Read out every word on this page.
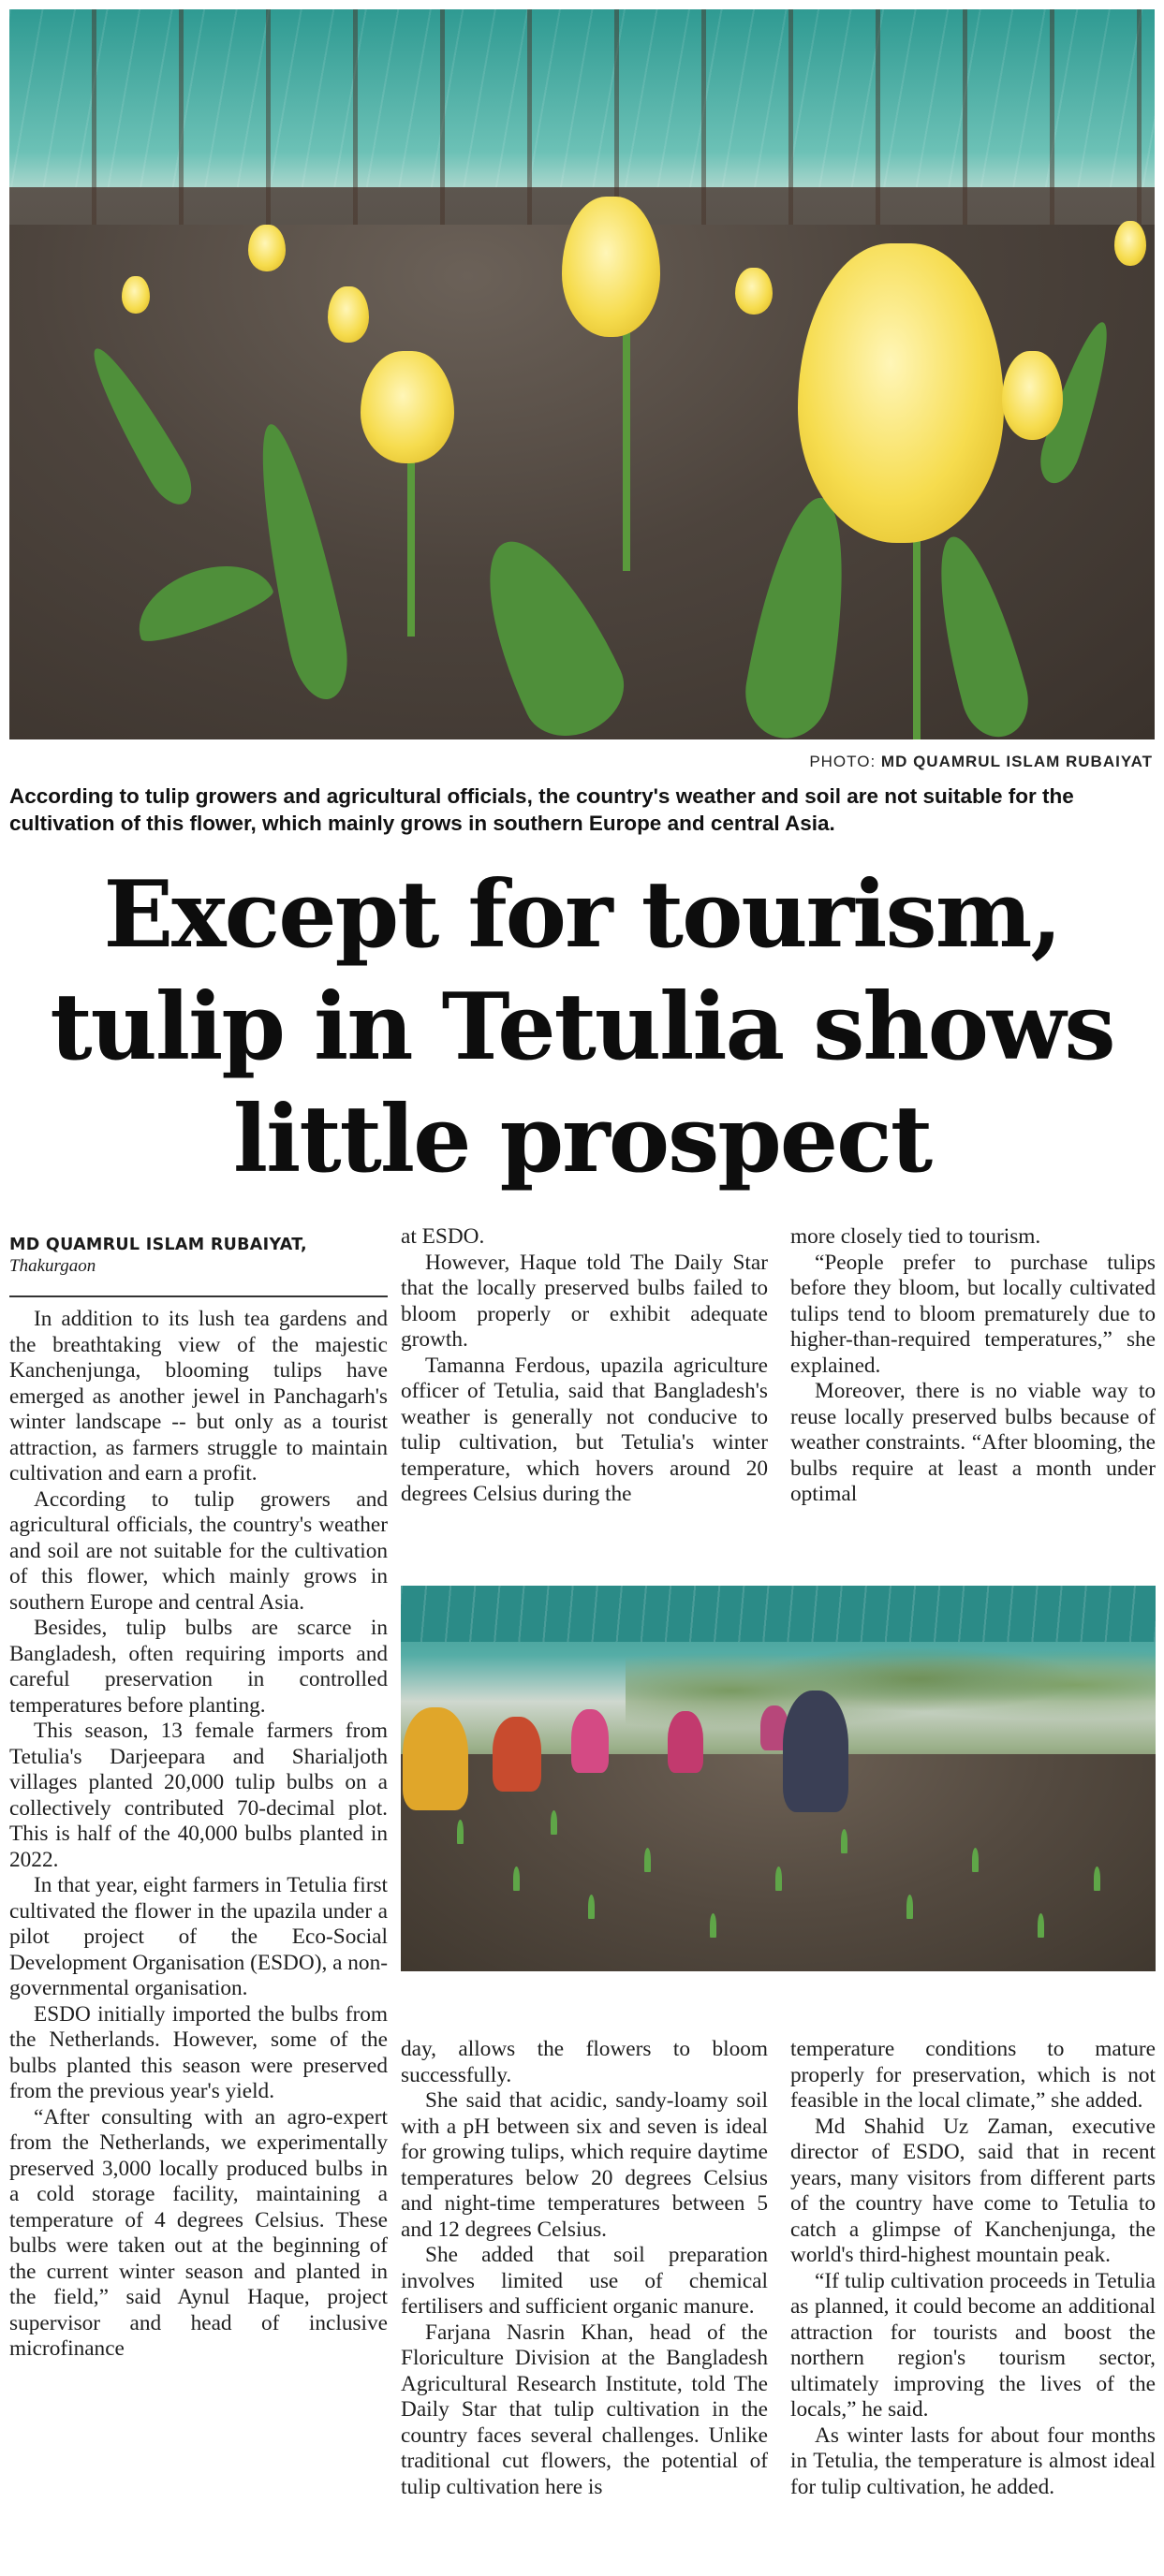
PHOTO: MD QUAMRUL ISLAM RUBAIYAT
According to tulip growers and agricultural officials, the country's weather and soil are not suitable for the cultivation of this flower, which mainly grows in southern Europe and central Asia.
Except for tourism, tulip in Tetulia shows little prospect
MD QUAMRUL ISLAM RUBAIYAT,
Thakurgaon

In addition to its lush tea gardens and the breathtaking view of the majestic Kanchenjunga, blooming tulips have emerged as another jewel in Panchagarh's winter landscape -- but only as a tourist attraction, as farmers struggle to maintain cultivation and earn a profit.

According to tulip growers and agricultural officials, the country's weather and soil are not suitable for the cultivation of this flower, which mainly grows in southern Europe and central Asia.

Besides, tulip bulbs are scarce in Bangladesh, often requiring imports and careful preservation in controlled temperatures before planting.

This season, 13 female farmers from Tetulia's Darjeepara and Sharialjoth villages planted 20,000 tulip bulbs on a collectively contributed 70-decimal plot. This is half of the 40,000 bulbs planted in 2022.

In that year, eight farmers in Tetulia first cultivated the flower in the upazila under a pilot project of the Eco-Social Development Organisation (ESDO), a non-governmental organisation.

ESDO initially imported the bulbs from the Netherlands. However, some of the bulbs planted this season were preserved from the previous year's yield.

“After consulting with an agro-expert from the Netherlands, we experimentally preserved 3,000 locally produced bulbs in a cold storage facility, maintaining a temperature of 4 degrees Celsius. These bulbs were taken out at the beginning of the current winter season and planted in the field,” said Aynul Haque, project supervisor and head of inclusive microfinance

at ESDO.

However, Haque told The Daily Star that the locally preserved bulbs failed to bloom properly or exhibit adequate growth.

Tamanna Ferdous, upazila agriculture officer of Tetulia, said that Bangladesh's weather is generally not conducive to tulip cultivation, but Tetulia's winter temperature, which hovers around 20 degrees Celsius during the

more closely tied to tourism.

“People prefer to purchase tulips before they bloom, but locally cultivated tulips tend to bloom prematurely due to higher-than-required temperatures,” she explained.

Moreover, there is no viable way to reuse locally preserved bulbs because of weather constraints. “After blooming, the bulbs require at least a month under optimal

day, allows the flowers to bloom successfully.

She said that acidic, sandy-loamy soil with a pH between six and seven is ideal for growing tulips, which require daytime temperatures below 20 degrees Celsius and night-time temperatures between 5 and 12 degrees Celsius.

She added that soil preparation involves limited use of chemical fertilisers and sufficient organic manure.

Farjana Nasrin Khan, head of the Floriculture Division at the Bangladesh Agricultural Research Institute, told The Daily Star that tulip cultivation in the country faces several challenges. Unlike traditional cut flowers, the potential of tulip cultivation here is

temperature conditions to mature properly for preservation, which is not feasible in the local climate,” she added.

Md Shahid Uz Zaman, executive director of ESDO, said that in recent years, many visitors from different parts of the country have come to Tetulia to catch a glimpse of Kanchenjunga, the world's third-highest mountain peak.

“If tulip cultivation proceeds in Tetulia as planned, it could become an additional attraction for tourists and boost the northern region's tourism sector, ultimately improving the lives of the locals,” he said.

As winter lasts for about four months in Tetulia, the temperature is almost ideal for tulip cultivation, he added.
